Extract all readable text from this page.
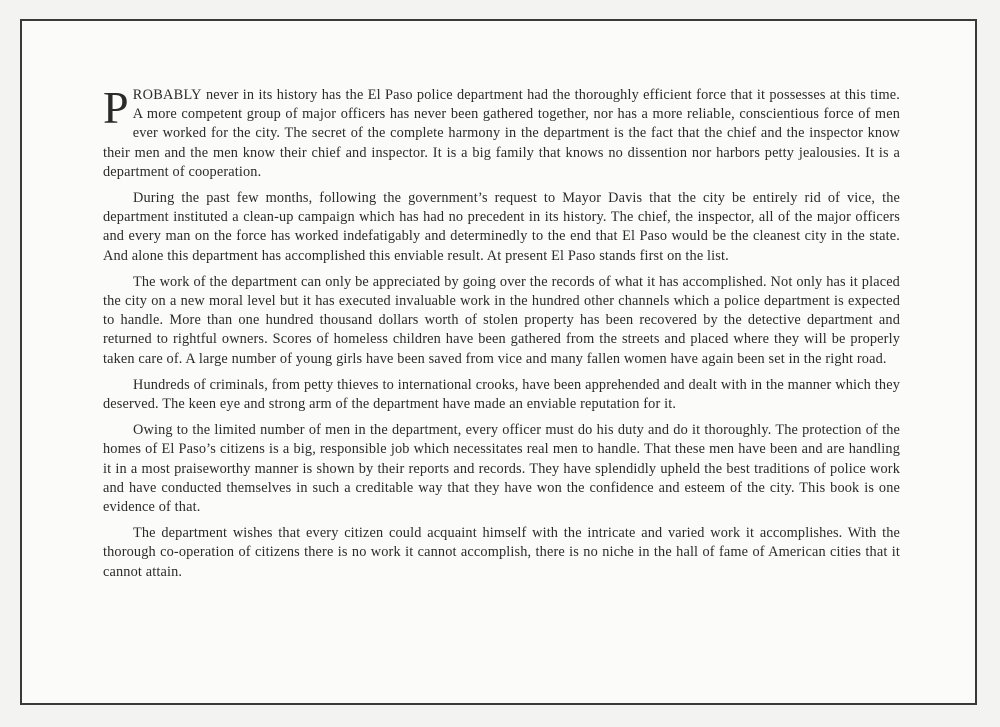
PROBABLY never in its history has the El Paso police department had the thoroughly efficient force that it possesses at this time. A more competent group of major officers has never been gathered together, nor has a more reliable, conscientious force of men ever worked for the city. The secret of the complete harmony in the department is the fact that the chief and the inspector know their men and the men know their chief and inspector. It is a big family that knows no dissention nor harbors petty jealousies. It is a department of cooperation.

During the past few months, following the government’s request to Mayor Davis that the city be entirely rid of vice, the department instituted a clean-up campaign which has had no precedent in its history. The chief, the inspector, all of the major officers and every man on the force has worked indefatigably and determinedly to the end that El Paso would be the cleanest city in the state. And alone this department has accomplished this enviable result. At present El Paso stands first on the list.

The work of the department can only be appreciated by going over the records of what it has accomplished. Not only has it placed the city on a new moral level but it has executed invaluable work in the hundred other channels which a police department is expected to handle. More than one hundred thousand dollars worth of stolen property has been recovered by the detective department and returned to rightful owners. Scores of homeless children have been gathered from the streets and placed where they will be properly taken care of. A large number of young girls have been saved from vice and many fallen women have again been set in the right road.

Hundreds of criminals, from petty thieves to international crooks, have been apprehended and dealt with in the manner which they deserved. The keen eye and strong arm of the department have made an enviable reputation for it.

Owing to the limited number of men in the department, every officer must do his duty and do it thoroughly. The protection of the homes of El Paso’s citizens is a big, responsible job which necessitates real men to handle. That these men have been and are handling it in a most praiseworthy manner is shown by their reports and records. They have splendidly upheld the best traditions of police work and have conducted themselves in such a creditable way that they have won the confidence and esteem of the city. This book is one evidence of that.

The department wishes that every citizen could acquaint himself with the intricate and varied work it accomplishes. With the thorough co-operation of citizens there is no work it cannot accomplish, there is no niche in the hall of fame of American cities that it cannot attain.
